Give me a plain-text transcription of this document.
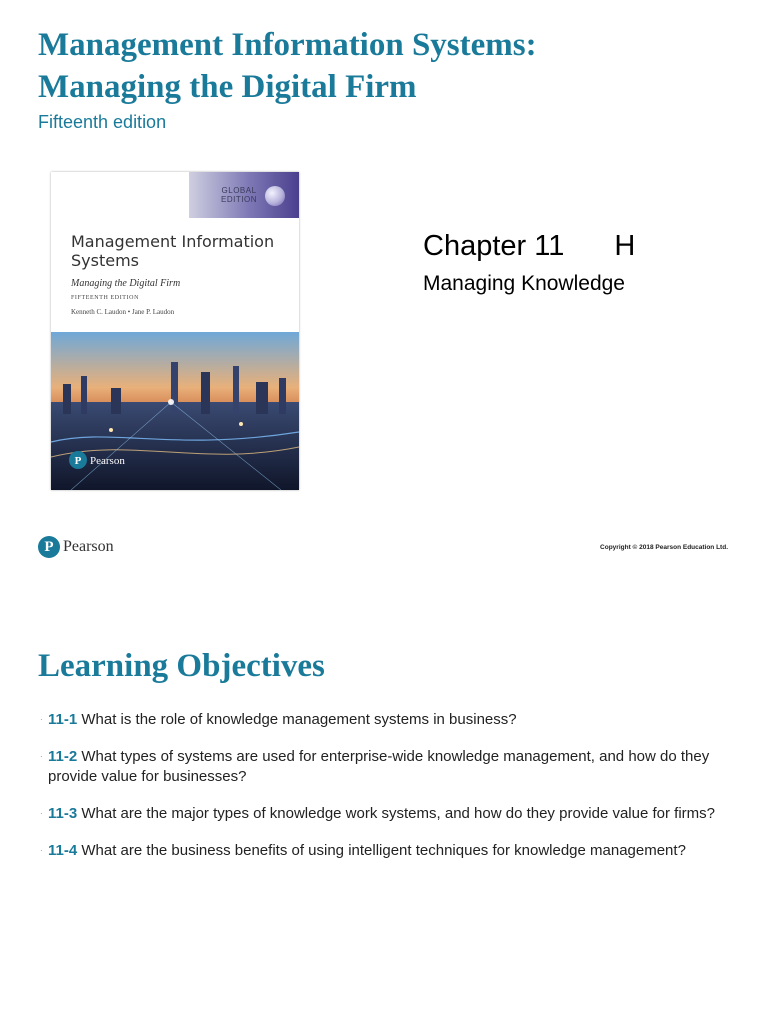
Management Information Systems:
Managing the Digital Firm
Fifteenth edition
GLOBAL
EDITION
Management Information
Systems
Managing the Digital Firm
FIFTEENTH EDITION
Kenneth C. Laudon • Jane P. Laudon
P Pearson
Chapter 11 H
Managing Knowledge
P Pearson	Copyright © 2018 Pearson Education Ltd.
Learning Objectives
· 11-1 What is the role of knowledge management systems in business?
· 11-2 What types of systems are used for enterprise-wide knowledge management, and how do they provide value for businesses?
· 11-3 What are the major types of knowledge work systems, and how do they provide value for firms?
· 11-4 What are the business benefits of using intelligent techniques for knowledge management?
